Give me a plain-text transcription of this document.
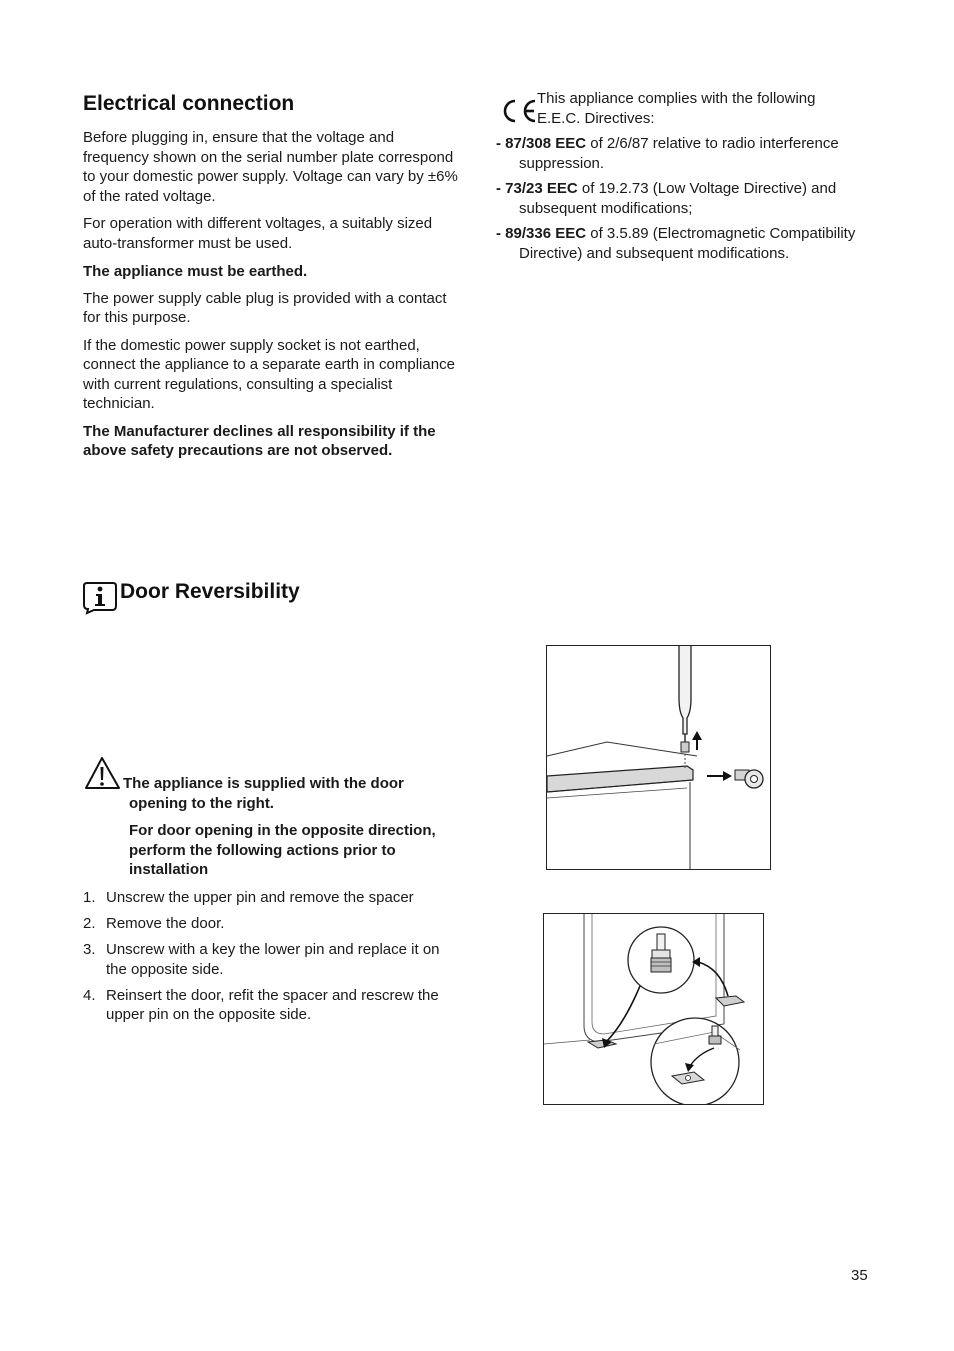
Electrical connection

Before plugging in, ensure that the voltage and frequency shown on the serial number plate correspond to your domestic power supply. Voltage can vary by ±6% of the rated voltage.

For operation with different voltages, a suitably sized auto-transformer must be used.

The appliance must be earthed.

The power supply cable plug is provided with a contact for this purpose.

If the domestic power supply socket is not earthed, connect the appliance to a separate earth in compliance with current regulations, consulting a specialist technician.

The Manufacturer declines all responsibility if the above safety precautions are not observed.

This appliance complies with the following E.E.C. Directives:
- 87/308 EEC of 2/6/87 relative to radio interference suppression.
- 73/23 EEC of 19.2.73 (Low Voltage Directive) and subsequent modifications;
- 89/336 EEC of 3.5.89 (Electromagnetic Compatibility Directive) and subsequent modifications.
Door Reversibility

The appliance is supplied with the door opening to the right.

For door opening in the opposite direction, perform the following actions prior to installation

1. Unscrew the upper pin and remove the spacer
2. Remove the door.
3. Unscrew with a key the lower pin and replace it on the opposite side.
4. Reinsert the door, refit the spacer and rescrew the upper pin on the opposite side.
35
